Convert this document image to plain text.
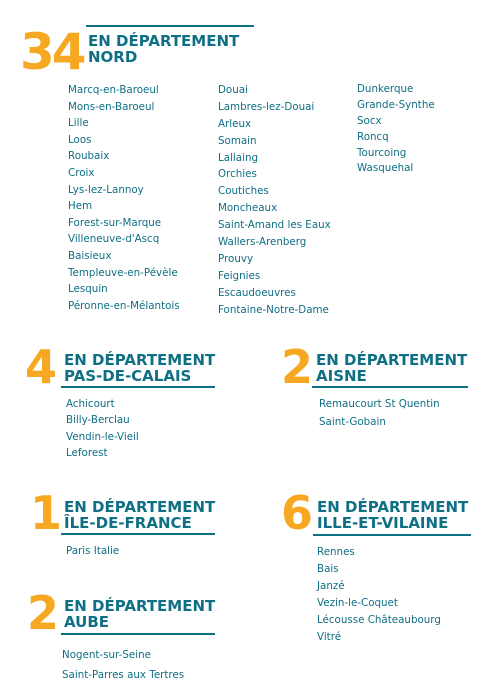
34 EN DÉPARTEMENT
NORD
Marcq-en-Baroeul
Mons-en-Baroeul
Lille
Loos
Roubaix
Croix
Lys-lez-Lannoy
Hem
Forest-sur-Marque
Villeneuve-d'Ascq
Baisieux
Templeuve-en-Pévèle
Lesquin
Péronne-en-Mélantois
Douai
Lambres-lez-Douai
Arleux
Somain
Lallaing
Orchies
Coutiches
Moncheaux
Saint-Amand les Eaux
Wallers-Arenberg
Prouvy
Feignies
Escaudoeuvres
Fontaine-Notre-Dame
Dunkerque
Grande-Synthe
Socx
Roncq
Tourcoing
Wasquehal
4 EN DÉPARTEMENT
PAS-DE-CALAIS
Achicourt
Billy-Berclau
Vendin-le-Vieil
Leforest
2 EN DÉPARTEMENT
AISNE
Remaucourt St Quentin
Saint-Gobain
1 EN DÉPARTEMENT
ÎLE-DE-FRANCE
Paris Italie
6 EN DÉPARTEMENT
ILLE-ET-VILAINE
Rennes
Bais
Janzé
Vezin-le-Coquet
Lécousse Châteaubourg
Vitré
2 EN DÉPARTEMENT
AUBE
Nogent-sur-Seine
Saint-Parres aux Tertres
